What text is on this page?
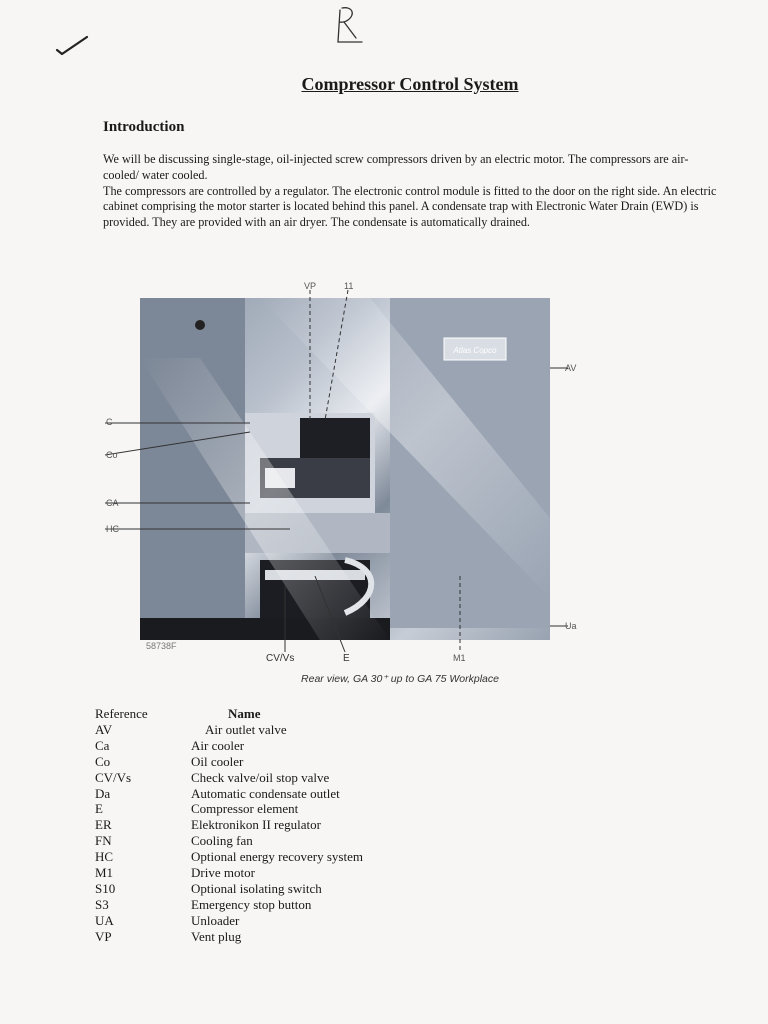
Compressor Control System
Introduction

We will be discussing single-stage, oil-injected screw compressors driven by an electric motor. The compressors are air-cooled/ water cooled.

The compressors are controlled by a regulator. The electronic control module is fitted to the door on the right side. An electric cabinet comprising the motor starter is located behind this panel. A condensate trap with Electronic Water Drain (EWD) is provided. They are provided with an air dryer. The condensate is automatically drained.

Atlas Copco
VP	11
AV
Ua
C
Co
CA
HC
CV/Vs	E	M1
58738F
Rear view, GA 30⁺ up to GA 75 Workplace
Reference	Name
AV	Air outlet valve
Ca	Air cooler
Co	Oil cooler
CV/Vs	Check valve/oil stop valve
Da	Automatic condensate outlet
E	Compressor element
ER	Elektronikon II regulator
FN	Cooling fan
HC	Optional energy recovery system
M1	Drive motor
S10	Optional isolating switch
S3	Emergency stop button
UA	Unloader
VP	Vent plug
